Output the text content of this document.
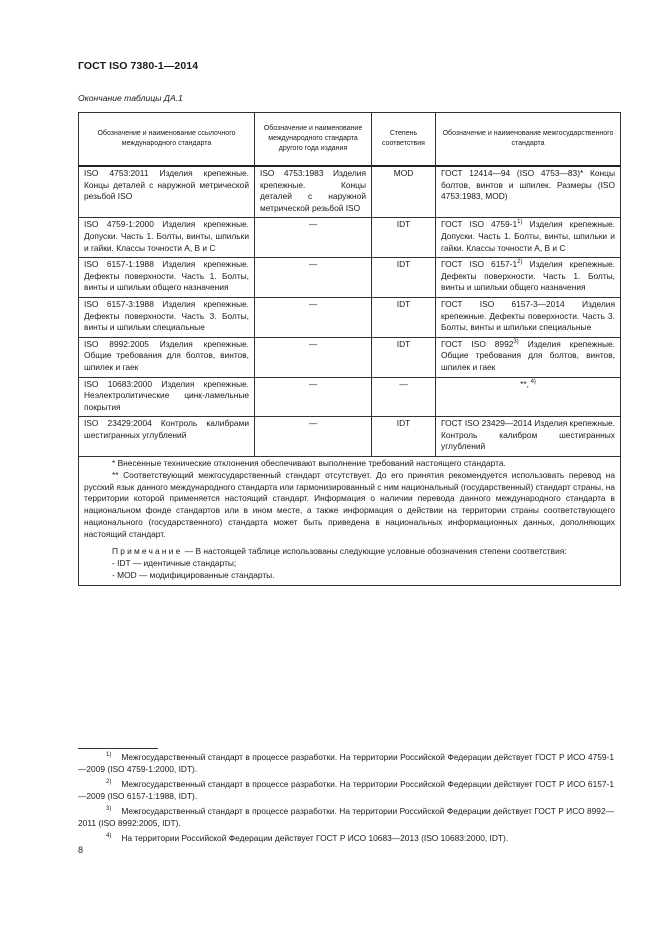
ГОСТ ISO 7380-1—2014
Окончание таблицы ДА.1
Обозначение и наименование ссылочного международного стандарта	Обозначение и наименование международного стандарта другого года издания	Степень соответствия	Обозначение и наименование межгосударственного стандарта
ISO 4753:2011 Изделия крепежные. Концы деталей с наружной метрической резьбой ISO	ISO 4753:1983 Изделия крепежные. Концы деталей с наружной метрической резьбой ISO	MOD	ГОСТ 12414—94 (ISO 4753—83)* Концы болтов, винтов и шпилек. Размеры (ISO 4753:1983, MOD)
ISO 4759-1:2000 Изделия крепежные. Допуски. Часть 1. Болты, винты, шпильки и гайки. Классы точности А, В и С	—	IDT	ГОСТ ISO 4759-1$^{1)}$ Изделия крепежные. Допуски. Часть 1. Болты, винты, шпильки и гайки. Классы точности А, В и С
ISO 6157-1:1988 Изделия крепежные. Дефекты поверхности. Часть 1. Болты, винты и шпильки общего назначения	—	IDT	ГОСТ ISO 6157-1$^{2)}$ Изделия крепежные. Дефекты поверхности. Часть 1. Болты, винты и шпильки общего назначения
ISO 6157-3:1988 Изделия крепежные. Дефекты поверхности. Часть 3. Болты, винты и шпильки специальные	—	IDT	ГОСТ ISO 6157-3—2014 Изделия крепежные. Дефекты поверхности. Часть 3. Болты, винты и шпильки специальные
ISO 8992:2005 Изделия крепежные. Общие требования для болтов, винтов, шпилек и гаек	—	IDT	ГОСТ ISO 8992$^{3)}$ Изделия крепежные. Общие требования для болтов, винтов, шпилек и гаек
ISO 10683:2000 Изделия крепежные. Неэлектролитические цинк-ламельные покрытия	—	—	**, $^{4)}$
ISO 23429:2004 Контроль калибрами шестигранных углублений	—	IDT	ГОСТ ISO 23429—2014 Изделия крепежные. Контроль калибром шестигранных углублений

* Внесенные технические отклонения обеспечивают выполнение требований настоящего стандарта.

** Соответствующий межгосударственный стандарт отсутствует. До его принятия рекомендуется использовать перевод на русский язык данного международного стандарта или гармонизированный с ним национальный (государственный) стандарт страны, на территории которой применяется настоящий стандарт. Информация о наличии перевода данного международного стандарта в национальном фонде стандартов или в ином месте, а также информация о действии на территории страны соответствующего национального (государственного) стандарта может быть приведена в национальных информационных данных, дополняющих настоящий стандарт.

Примечание — В настоящей таблице использованы следующие условные обозначения степени соответствия:

- IDT — идентичные стандарты;

- MOD — модифицированные стандарты.			

$^{1)}$ Межгосударственный стандарт в процессе разработки. На территории Российской Федерации действует ГОСТ Р ИСО 4759-1—2009 (ISO 4759-1:2000, IDT).

$^{2)}$ Межгосударственный стандарт в процессе разработки. На территории Российской Федерации действует ГОСТ Р ИСО 6157-1—2009 (ISO 6157-1:1988, IDT).

$^{3)}$ Межгосударственный стандарт в процессе разработки. На территории Российской Федерации действует ГОСТ Р ИСО 8992—2011 (ISO 8992:2005, IDT).

$^{4)}$ На территории Российской Федерации действует ГОСТ Р ИСО 10683—2013 (ISO 10683:2000, IDT).

8
